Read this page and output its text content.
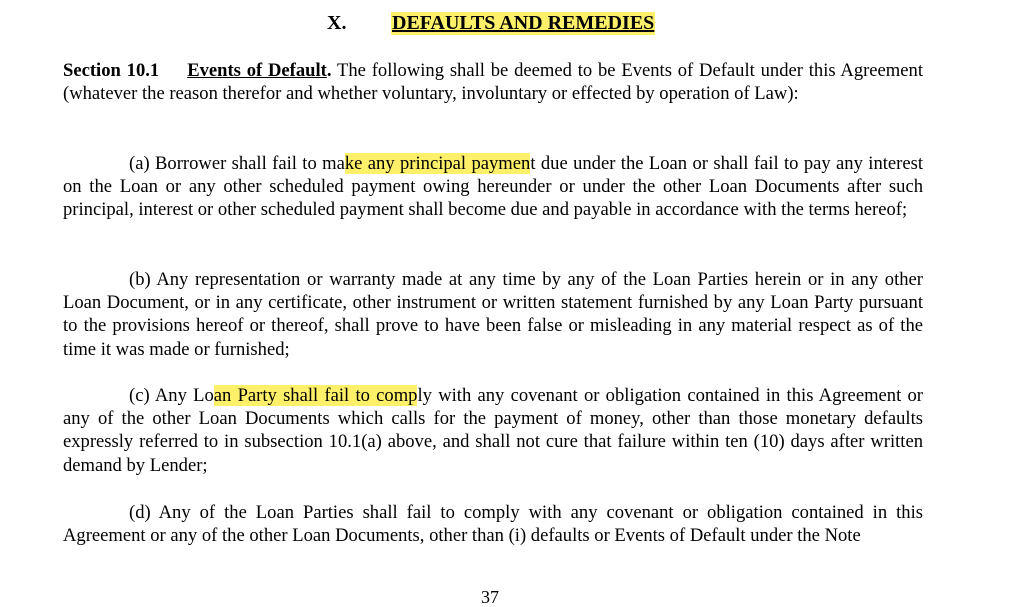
X. DEFAULTS AND REMEDIES
Section 10.1 Events of Default. The following shall be deemed to be Events of Default under this Agreement (whatever the reason therefor and whether voluntary, involuntary or effected by operation of Law):
(a) Borrower shall fail to make any principal payment due under the Loan or shall fail to pay any interest on the Loan or any other scheduled payment owing hereunder or under the other Loan Documents after such principal, interest or other scheduled payment shall become due and payable in accordance with the terms hereof;
(b) Any representation or warranty made at any time by any of the Loan Parties herein or in any other Loan Document, or in any certificate, other instrument or written statement furnished by any Loan Party pursuant to the provisions hereof or thereof, shall prove to have been false or misleading in any material respect as of the time it was made or furnished;
(c) Any Loan Party shall fail to comply with any covenant or obligation contained in this Agreement or any of the other Loan Documents which calls for the payment of money, other than those monetary defaults expressly referred to in subsection 10.1(a) above, and shall not cure that failure within ten (10) days after written demand by Lender;
(d) Any of the Loan Parties shall fail to comply with any covenant or obligation contained in this Agreement or any of the other Loan Documents, other than (i) defaults or Events of Default under the Note
37
